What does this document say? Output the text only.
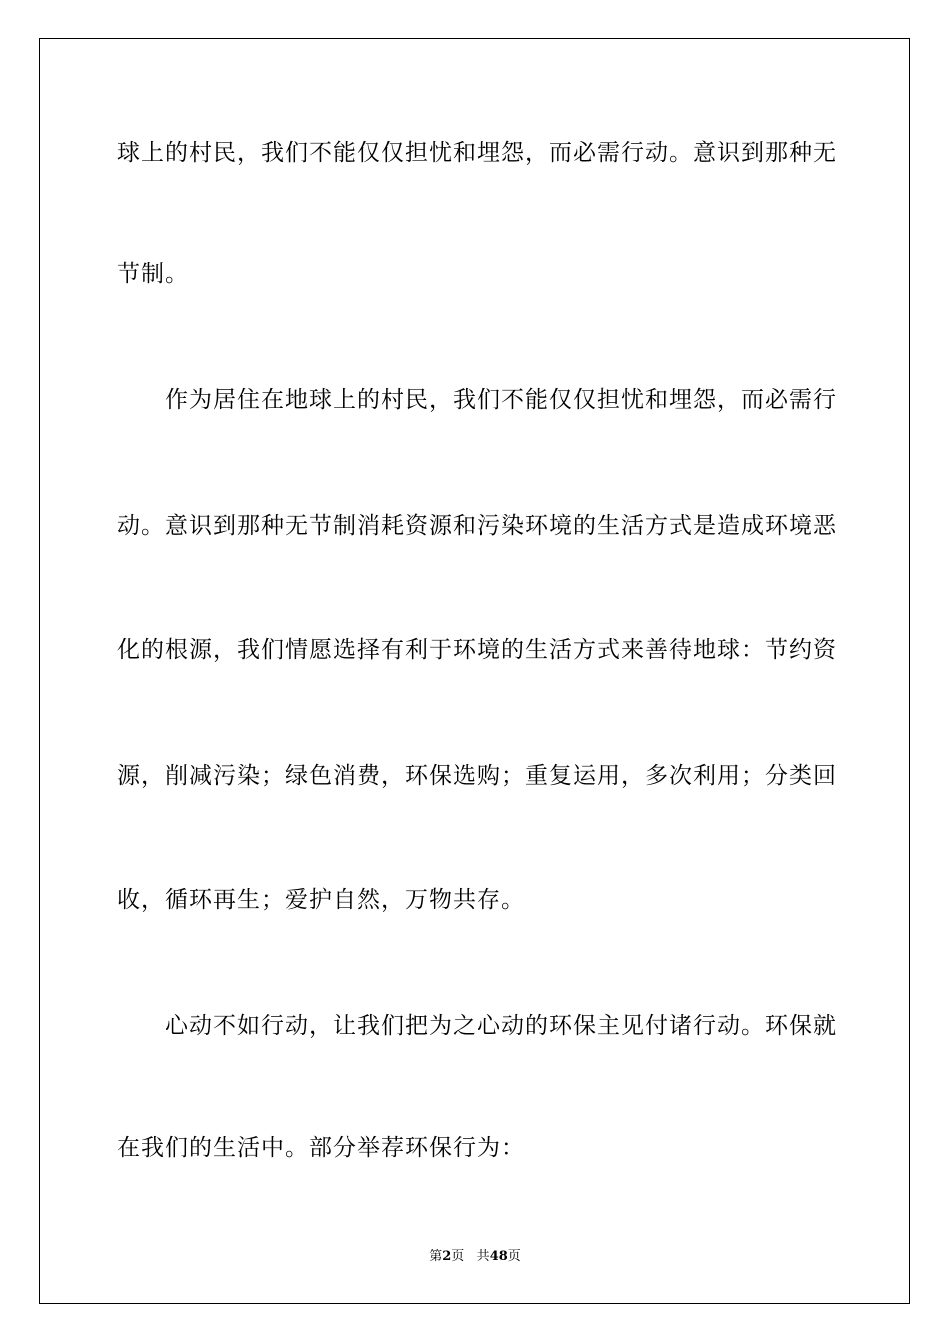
球上的村民，我们不能仅仅担忧和埋怨，而必需行动。意识到那种无
节制。
作为居住在地球上的村民，我们不能仅仅担忧和埋怨，而必需行
动。意识到那种无节制消耗资源和污染环境的生活方式是造成环境恶
化的根源，我们情愿选择有利于环境的生活方式来善待地球：节约资
源，削减污染；绿色消费，环保选购；重复运用，多次利用；分类回
收，循环再生；爱护自然，万物共存。
心动不如行动，让我们把为之心动的环保主见付诸行动。环保就
在我们的生活中。部分举荐环保行为：
第2页 共48页
